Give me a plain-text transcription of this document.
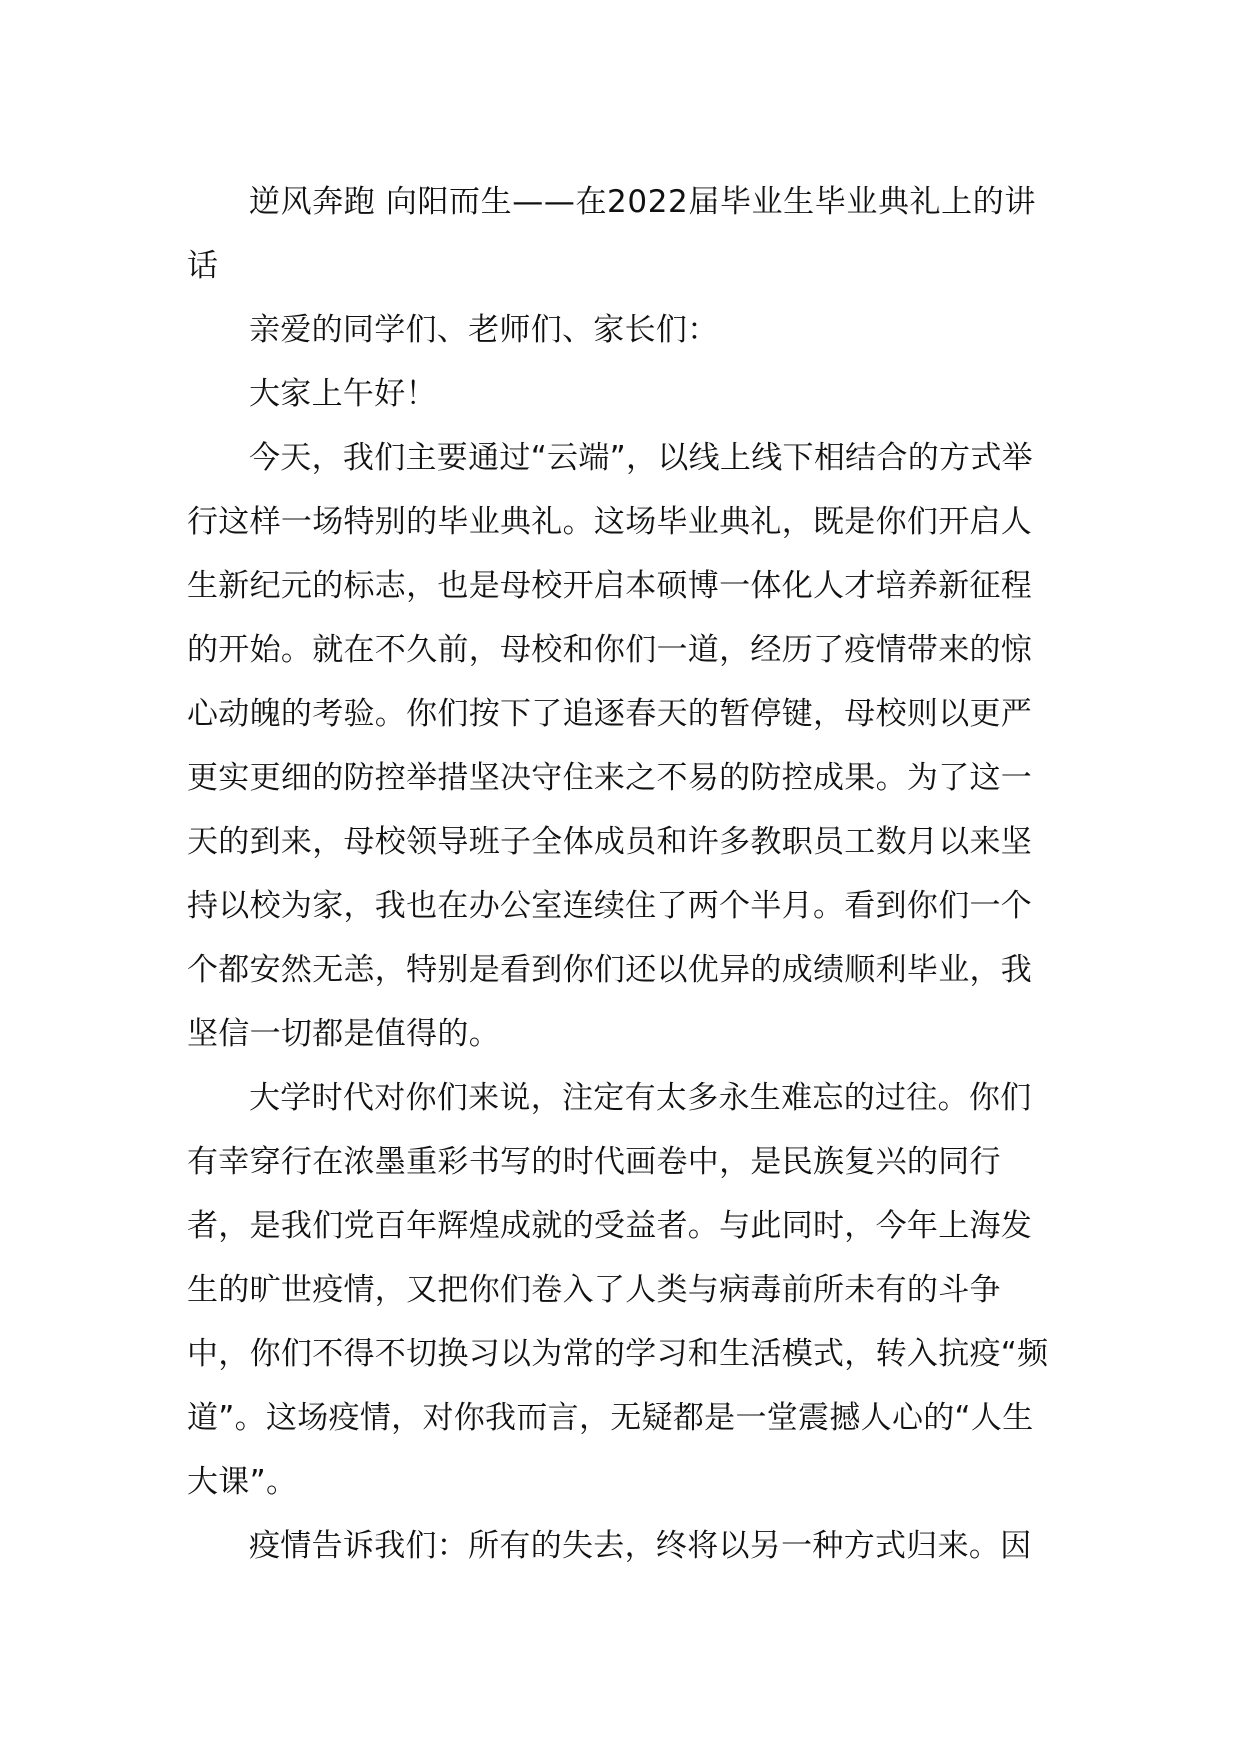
逆风奔跑 向阳而生——在2022届毕业生毕业典礼上的讲话

亲爱的同学们、老师们、家长们：

大家上午好！

今天，我们主要通过“云端”，以线上线下相结合的方式举行这样一场特别的毕业典礼。这场毕业典礼，既是你们开启人生新纪元的标志，也是母校开启本硕博一体化人才培养新征程的开始。就在不久前，母校和你们一道，经历了疫情带来的惊心动魄的考验。你们按下了追逐春天的暂停键，母校则以更严更实更细的防控举措坚决守住来之不易的防控成果。为了这一天的到来，母校领导班子全体成员和许多教职员工数月以来坚持以校为家，我也在办公室连续住了两个半月。看到你们一个个都安然无恙，特别是看到你们还以优异的成绩顺利毕业，我坚信一切都是值得的。

大学时代对你们来说，注定有太多永生难忘的过往。你们有幸穿行在浓墨重彩书写的时代画卷中，是民族复兴的同行者，是我们党百年辉煌成就的受益者。与此同时，今年上海发生的旷世疫情，又把你们卷入了人类与病毒前所未有的斗争中，你们不得不切换习以为常的学习和生活模式，转入抗疫“频道”。这场疫情，对你我而言，无疑都是一堂震撼人心的“人生大课”。

疫情告诉我们：所有的失去，终将以另一种方式归来。因
